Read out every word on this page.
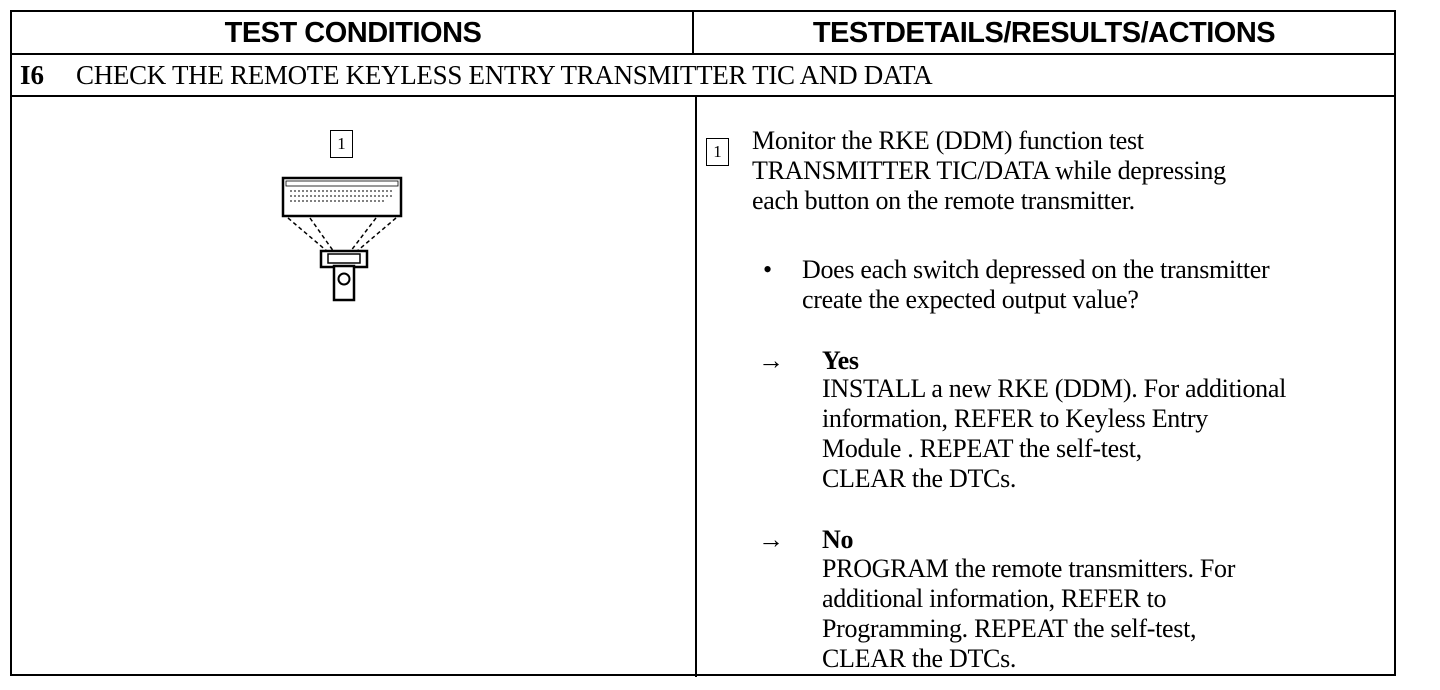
TEST CONDITIONS	TESTDETAILS/RESULTS/ACTIONS
I6 CHECK THE REMOTE KEYLESS ENTRY TRANSMITTER TIC AND DATA
1	1 Monitor the RKE (DDM) function test
TRANSMITTER TIC/DATA while depressing
each button on the remote transmitter.
• Does each switch depressed on the transmitter
create the expected output value?
→ Yes
INSTALL a new RKE (DDM). For additional
information, REFER to Keyless Entry
Module . REPEAT the self-test,
CLEAR the DTCs.
→ No
PROGRAM the remote transmitters. For
additional information, REFER to
Programming. REPEAT the self-test,
CLEAR the DTCs.
